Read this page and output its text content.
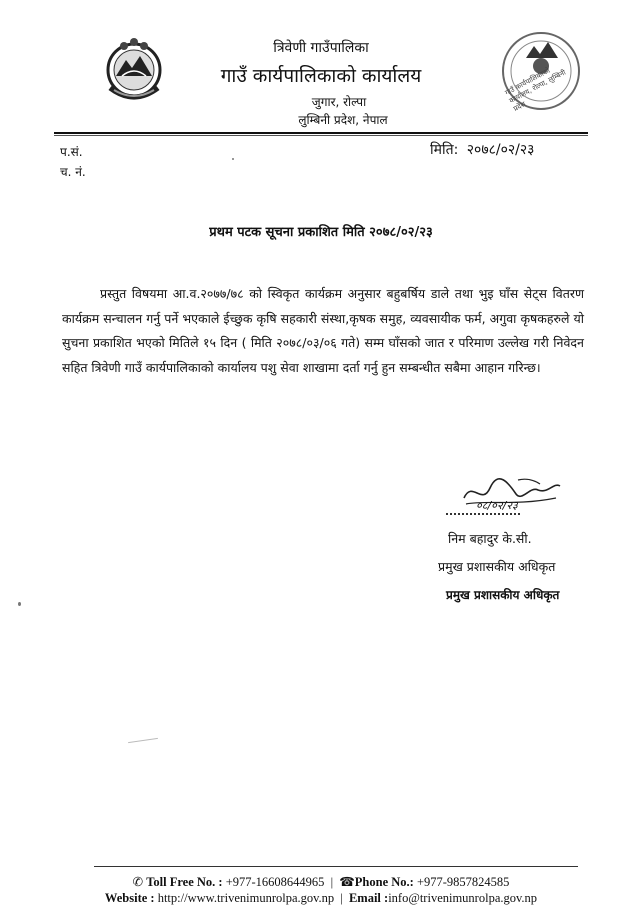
त्रिवेणी गाउँपालिका
गाउँ कार्यपालिकाको कार्यालय
जुगार, रोल्पा
लुम्बिनी प्रदेश, नेपाल
गाउँ कार्यपालिकाको कार्यालय, रोल्पा, लुम्बिनी प्रदेश
प.सं.
च. नं.
मिति: २०७८/०२/२३
प्रथम पटक सूचना प्रकाशित मिति २०७८/०२/२३
प्रस्तुत विषयमा आ.व.२०७७/७८ को स्विकृत कार्यक्रम अनुसार बहुबर्षिय डाले तथा भुइ घाँस सेट्स वितरण कार्यक्रम सन्चालन गर्नु पर्ने भएकाले ईच्छुक कृषि सहकारी संस्था,कृषक समुह, व्यवसायीक फर्म, अगुवा कृषकहरुले यो सुचना प्रकाशित भएको मितिले १५ दिन ( मिति २०७८/०३/०६ गते) सम्म घाँसको जात र परिमाण उल्लेख गरी निवेदन सहित त्रिवेणी गाउँ कार्यपालिकाको कार्यालय पशु सेवा शाखामा दर्ता गर्नु हुन सम्बन्धीत सबैमा आहान गरिन्छ।
०८/०२/२३
निम बहादुर के.सी.
प्रमुख प्रशासकीय अधिकृत
प्रमुख प्रशासकीय अधिकृत
✆ Toll Free No. : +977-16608644965 | ☎Phone No.: +977-9857824585
Website : http://www.trivenimunrolpa.gov.np | Email :info@trivenimunrolpa.gov.np
